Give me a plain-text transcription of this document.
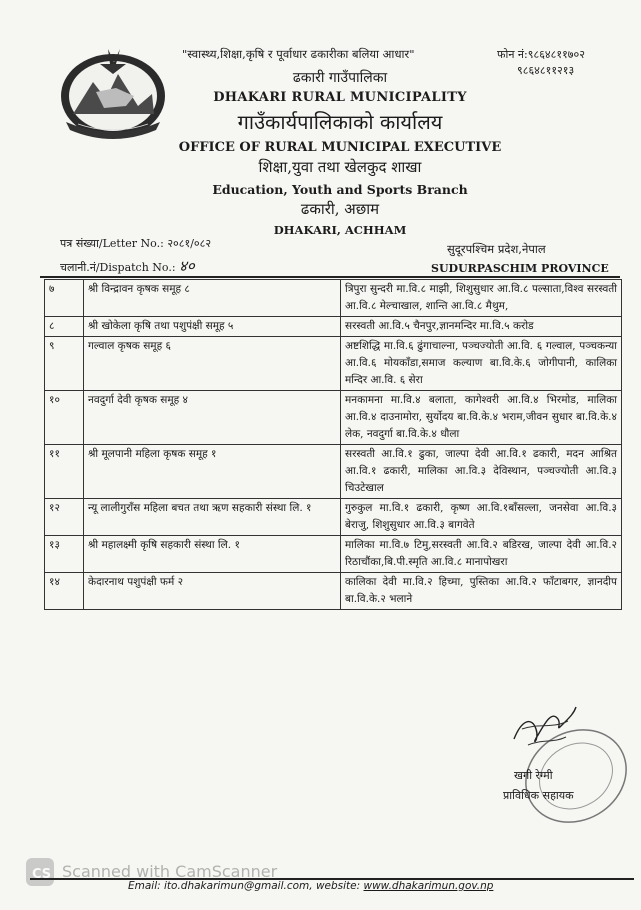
"स्वास्थ्य,शिक्षा,कृषि र पूर्वाधार ढकारीका बलिया आधार"	फोन नं:९८६४८११७०२
९८६४८११२१३
ढकारी गाउँपालिका
DHAKARI RURAL MUNICIPALITY
गाउँकार्यपालिकाको कार्यालय
OFFICE OF RURAL MUNICIPAL EXECUTIVE
शिक्षा,युवा तथा खेलकुद शाखा
Education, Youth and Sports Branch
ढकारी, अछाम
DHAKARI, ACHHAM
पत्र संख्या/Letter No.: २०८१/०८२
चलानी.नं/Dispatch No.: ४०
सुदूरपश्चिम प्रदेश,नेपाल
SUDURPASCHIM PROVINCE
७	श्री विन्द्रावन कृषक समूह ८	त्रिपुरा सुन्दरी मा.वि.८ माझी, शिशुसुधार आ.वि.८ पल्साता,विश्व सरस्वती आ.वि.८ मेल्चाखाल, शान्ति आ.वि.८ मैथुम,
८	श्री खोकेला कृषि तथा पशुपंक्षी समूह ५	सरस्वती आ.वि.५ चैनपुर,ज्ञानमन्दिर मा.वि.५ करोड
९	गल्वाल कृषक समूह ६	अष्टशिद्धि मा.वि.६ ढुंगाचाल्ना, पञ्चज्योती आ.वि. ६ गल्वाल, पञ्चकन्या आ.वि.६ मोयकाँडा,समाज कल्याण बा.वि.के.६ जोगीपानी, कालिका मन्दिर आ.वि. ६ सेरा
१०	नवदुर्गा देवी कृषक समूह ४	मनकामना मा.वि.४ बलाता, कागेश्वरी आ.वि.४ भिरमोड, मालिका आ.वि.४ दाउनामोरा, सुर्योदय बा.वि.के.४ भराम,जीवन सुधार बा.वि.के.४ लेक, नवदुर्गा बा.वि.के.४ धौला
११	श्री मूलपानी महिला कृषक समूह १	सरस्वती आ.वि.१ ढुका, जाल्पा देवी आ.वि.१ ढकारी, मदन आश्रित आ.वि.१ ढकारी, मालिका आ.वि.३ देविस्थान, पञ्चज्योती आ.वि.३ चिउटेखाल
१२	न्यू लालीगुराँस महिला बचत तथा ऋण सहकारी संस्था लि. १	गुरुकुल मा.वि.१ ढकारी, कृष्ण आ.वि.१बाँसल्ला, जनसेवा आ.वि.३ बेराजु, शिशुसुधार आ.वि.३ बागवेते
१३	श्री महालक्ष्मी कृषि सहकारी संस्था लि. १	मालिका मा.वि.७ टिमु,सरस्वती आ.वि.२ बडिरख, जाल्पा देवी आ.वि.२ रिठाचौंका,बि.पी.स्मृति आ.वि.८ मानापोखरा
१४	केदारनाथ पशुपंक्षी फर्म २	कालिका देवी मा.वि.२ हिच्मा, पुस्तिका आ.वि.२ फाँटाबगर, ज्ञानदीप बा.वि.के.२ भलाने
खगी रेग्मी
प्राविधिक सहायक
CS Scanned with CamScanner
Email: ito.dhakarimun@gmail.com, website: www.dhakarimun.gov.np
